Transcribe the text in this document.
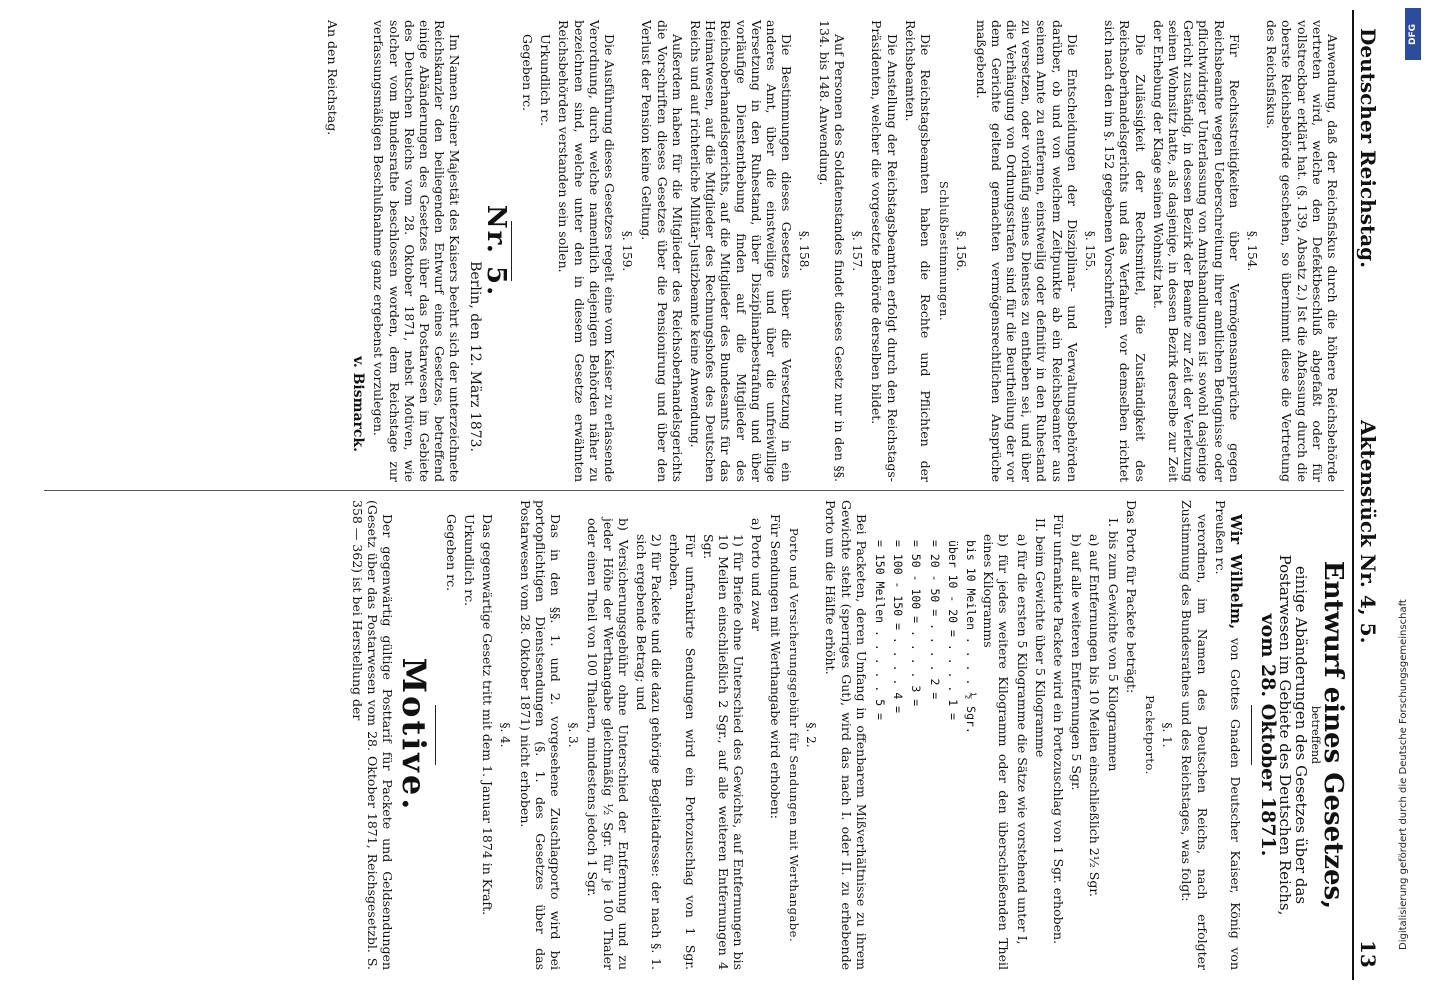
Deutscher Reichstag.
Aktenstück Nr. 4, 5.
13

Anwendung, daß der Reichsfiskus durch die höhere Reichsbehörde vertreten wird, welche den Defektbeschluß abgefaßt oder für vollstreckbar erklärt hat. (§. 139, Absatz 2.) Ist die Abfassung durch die oberste Reichsbehörde geschehen, so übernimmt diese die Vertretung des Reichsfiskus.

§. 154.

Für Rechtsstreitigkeiten über Vermögensansprüche gegen Reichsbeamte wegen Ueberschreitung ihrer amtlichen Befugnisse oder pflichtwidriger Unterlassung von Amtshandlungen ist sowohl dasjenige Gericht zuständig, in dessen Bezirk der Beamte zur Zeit der Verletzung seinen Wohnsitz hatte, als dasjenige, in dessen Bezirk derselbe zur Zeit der Erhebung der Klage seinen Wohnsitz hat.

Die Zulässigkeit der Rechtsmittel, die Zuständigkeit des Reichsoberhandelsgerichts und das Verfahren vor demselben richtet sich nach den im §. 152 gegebenen Vorschriften.

§. 155.

Die Entscheidungen der Disziplinar- und Verwaltungsbehörden darüber, ob und von welchem Zeitpunkte ab ein Reichsbeamter aus seinem Amte zu entfernen, einstweilig oder definitiv in den Ruhestand zu versetzen, oder vorläufig seines Dienstes zu entheben sei, und über die Verhängung von Ordnungsstrafen sind für die Beurtheilung der vor dem Gerichte geltend gemachten vermögensrechtlichen Ansprüche maßgebend.

§. 156.

Schlußbestimmungen.

Die Reichstagsbeamten haben die Rechte und Pflichten der Reichsbeamten.

Die Anstellung der Reichstagsbeamten erfolgt durch den Reichstags-Präsidenten, welcher die vorgesetzte Behörde derselben bildet.

§. 157.

Auf Personen des Soldatenstandes findet dieses Gesetz nur in den §§. 134. bis 148. Anwendung.

§. 158.

Die Bestimmungen dieses Gesetzes über die Versetzung in ein anderes Amt, über die einstweilige und über die unfreiwillige Versetzung in den Ruhestand, über Disziplinarbestrafung und über vorläufige Dienstenthebung finden auf die Mitglieder des Reichsoberhandelsgerichts, auf die Mitglieder des Bundesamts für das Heimatwesen, auf die Mitglieder des Rechnungshofes des Deutschen Reichs und auf richterliche Militär-Justizbeamte keine Anwendung.

Außerdem haben für die Mitglieder des Reichsoberhandelsgerichts die Vorschriften dieses Gesetzes über die Pensionirung und über den Verlust der Pension keine Geltung.

§. 159.

Die Ausführung dieses Gesetzes regelt eine vom Kaiser zu erlassende Verordnung, durch welche namentlich diejenigen Behörden näher zu bezeichnen sind, welche unter den in diesem Gesetze erwähnten Reichsbehörden verstanden sein sollen.

Urkundlich rc.

Gegeben rc.

Nr. 5.

Berlin, den 12. März 1873.

Im Namen Seiner Majestät des Kaisers beehrt sich der unterzeichnete Reichskanzler den beiliegenden Entwurf eines Gesetzes, betreffend einige Abänderungen des Gesetzes über das Postarwesen im Gebiete des Deutschen Reichs vom 28. Oktober 1871, nebst Motiven, wie solcher vom Bundesrathe beschlossen worden, dem Reichstage zur verfassungsmäßigen Beschlußnahme ganz ergebenst vorzulegen.

v. Bismarck.

An den Reichstag.

Entwurf eines Gesetzes,

betreffend

einige Abänderungen des Gesetzes über das

Postarwesen im Gebiete des Deutschen Reichs,

vom 28. Oktober 1871.

Wir Wilhelm, von Gottes Gnaden Deutscher Kaiser, König von Preußen rc.

verordnen, im Namen des Deutschen Reichs, nach erfolgter Zustimmung des Bundesrathes und des Reichstages, was folgt:

§. 1.

Packetporto.

Das Porto für Packete beträgt:

I. bis zum Gewichte von 5 Kilogrammen

a) auf Entfernungen bis 10 Meilen einschließlich 2½ Sgr.

b) auf alle weiteren Entfernungen 5 Sgr.

Für unfrankirte Packete wird ein Portozuschlag von 1 Sgr. erhoben.

II. beim Gewichte über 5 Kilogramme

a) für die ersten 5 Kilogramme die Sätze wie vorstehend unter I,

b) für jedes weitere Kilogramm oder den überschießenden Theil eines Kilogramms

bis 10 Meilen . . . . ½ Sgr.

über 10 - 20 = . . . . 1 =

= 20 - 50 = . . . . 2 =

= 50 - 100 = . . . . 3 =

= 100 - 150 = . . . . 4 =

= 150 Meilen . . . . . 5 =

Bei Packeten, deren Umfang in offenbarem Mißverhältnisse zu ihrem Gewichte steht (sperriges Gut), wird das nach I. oder II. zu erhebende Porto um die Hälfte erhöht.

§. 2.

Porto und Versicherungsgebühr für Sendungen mit Werthangabe.

Für Sendungen mit Werthangabe wird erhoben:

a) Porto und zwar

1) für Briefe ohne Unterschied des Gewichts, auf Entfernungen bis 10 Meilen einschließlich 2 Sgr., auf alle weiteren Entfernungen 4 Sgr.

Für unfrankirte Sendungen wird ein Portozuschlag von 1 Sgr. erhoben.

2) für Packete und die dazu gehörige Begleitadresse: der nach §. 1. sich ergebende Betrag; und

b) Versicherungsgebühr ohne Unterschied der Entfernung und zu jeder Höhe der Werthangabe gleichmäßig ½ Sgr. für je 100 Thaler oder einen Theil von 100 Thalern, mindestens jedoch 1 Sgr.

§. 3.

Das in den §§. 1. und 2. vorgesehene Zuschlagporto wird bei portopflichtigen Dienstsendungen (§. 1. des Gesetzes über das Postarwesen vom 28. Oktober 1871) nicht erhoben.

§. 4.

Das gegenwärtige Gesetz tritt mit dem 1. Januar 1874 in Kraft.

Urkundlich rc.

Gegeben rc.

Motive.

Der gegenwärtig gültige Posttarif für Packete und Geldsendungen (Gesetz über das Postarwesen vom 28. Oktober 1871, Reichsgesetzbl. S. 358 — 362) ist bei Herstellung der

DFG
Digitalisierung gefördert durch die Deutsche Forschungsgemeinschaft
